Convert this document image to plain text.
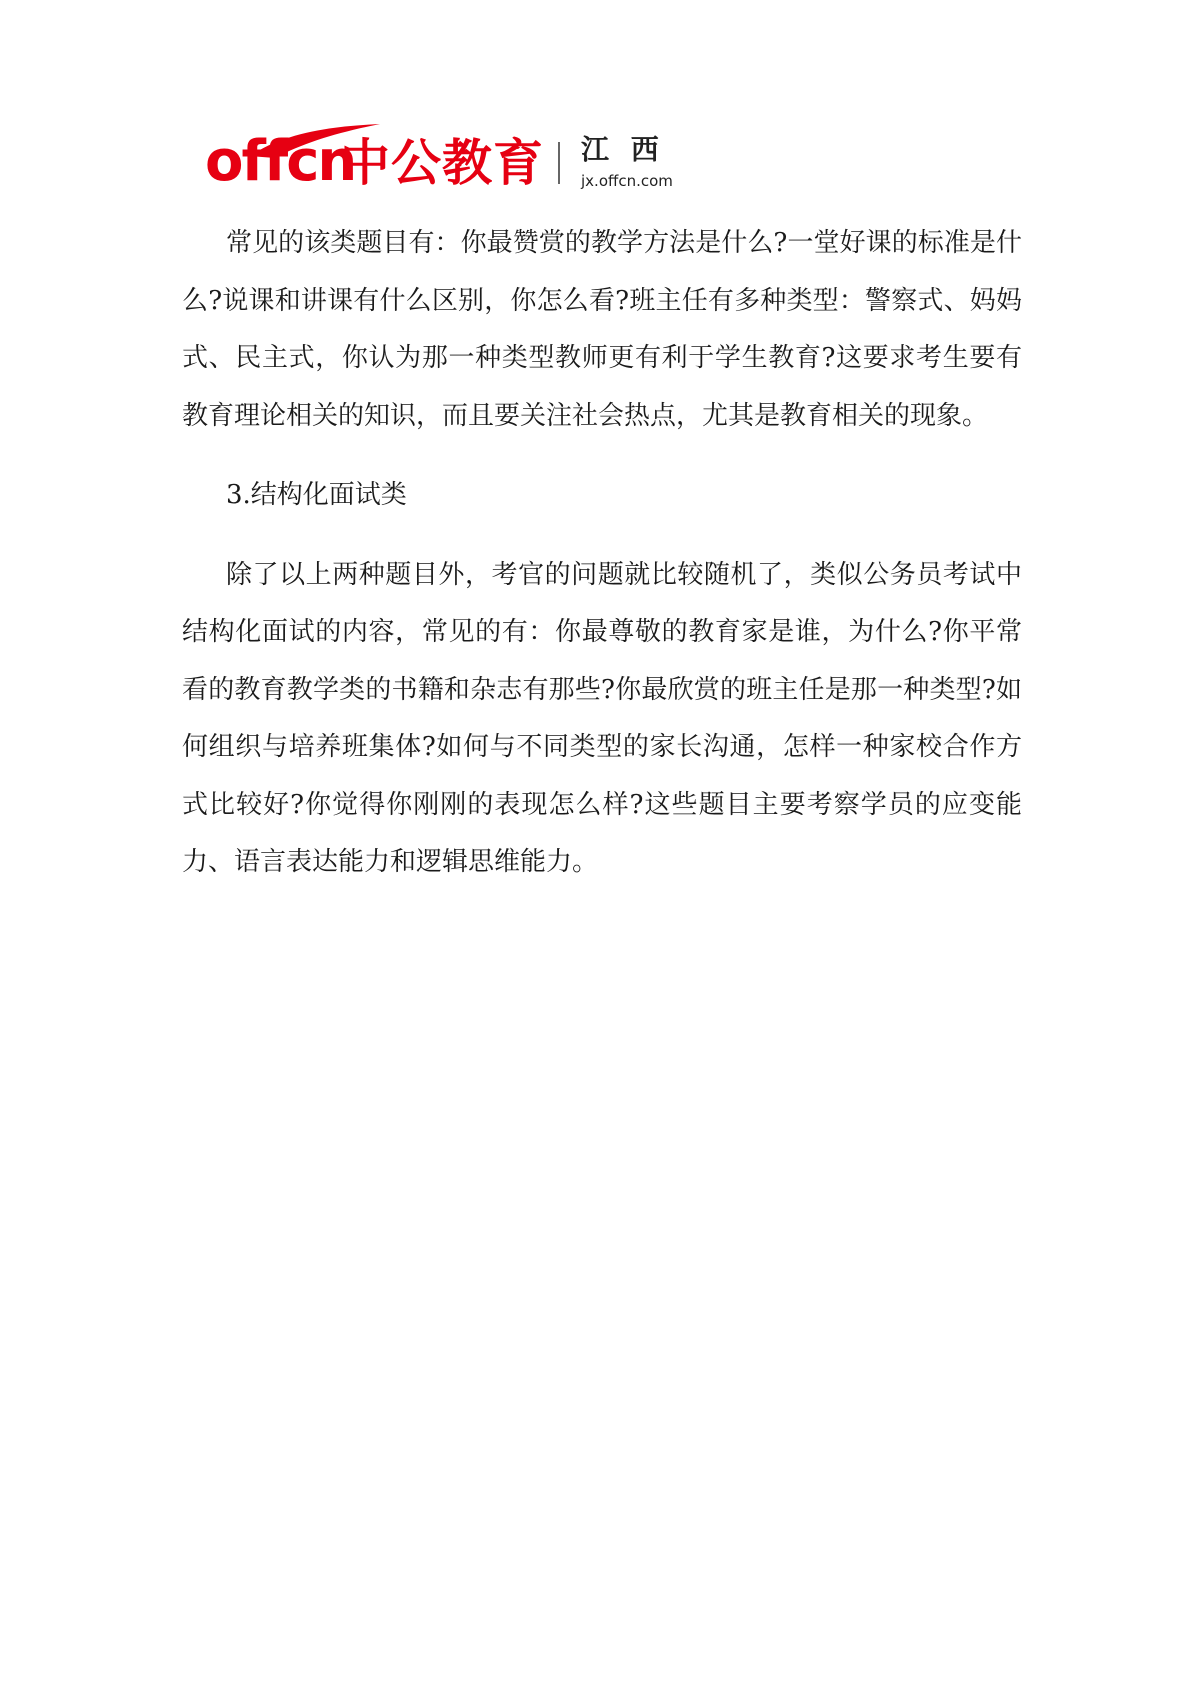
offcn
中公教育 江 西
jx.offcn.com

常见的该类题目有：你最赞赏的教学方法是什么?一堂好课的标准是什么?说课和讲课有什么区别，你怎么看?班主任有多种类型：警察式、妈妈式、民主式，你认为那一种类型教师更有利于学生教育?这要求考生要有教育理论相关的知识，而且要关注社会热点，尤其是教育相关的现象。

3.结构化面试类

除了以上两种题目外，考官的问题就比较随机了，类似公务员考试中结构化面试的内容，常见的有：你最尊敬的教育家是谁，为什么?你平常看的教育教学类的书籍和杂志有那些?你最欣赏的班主任是那一种类型?如何组织与培养班集体?如何与不同类型的家长沟通，怎样一种家校合作方式比较好?你觉得你刚刚的表现怎么样?这些题目主要考察学员的应变能 力、语言表达能力和逻辑思维能力。
